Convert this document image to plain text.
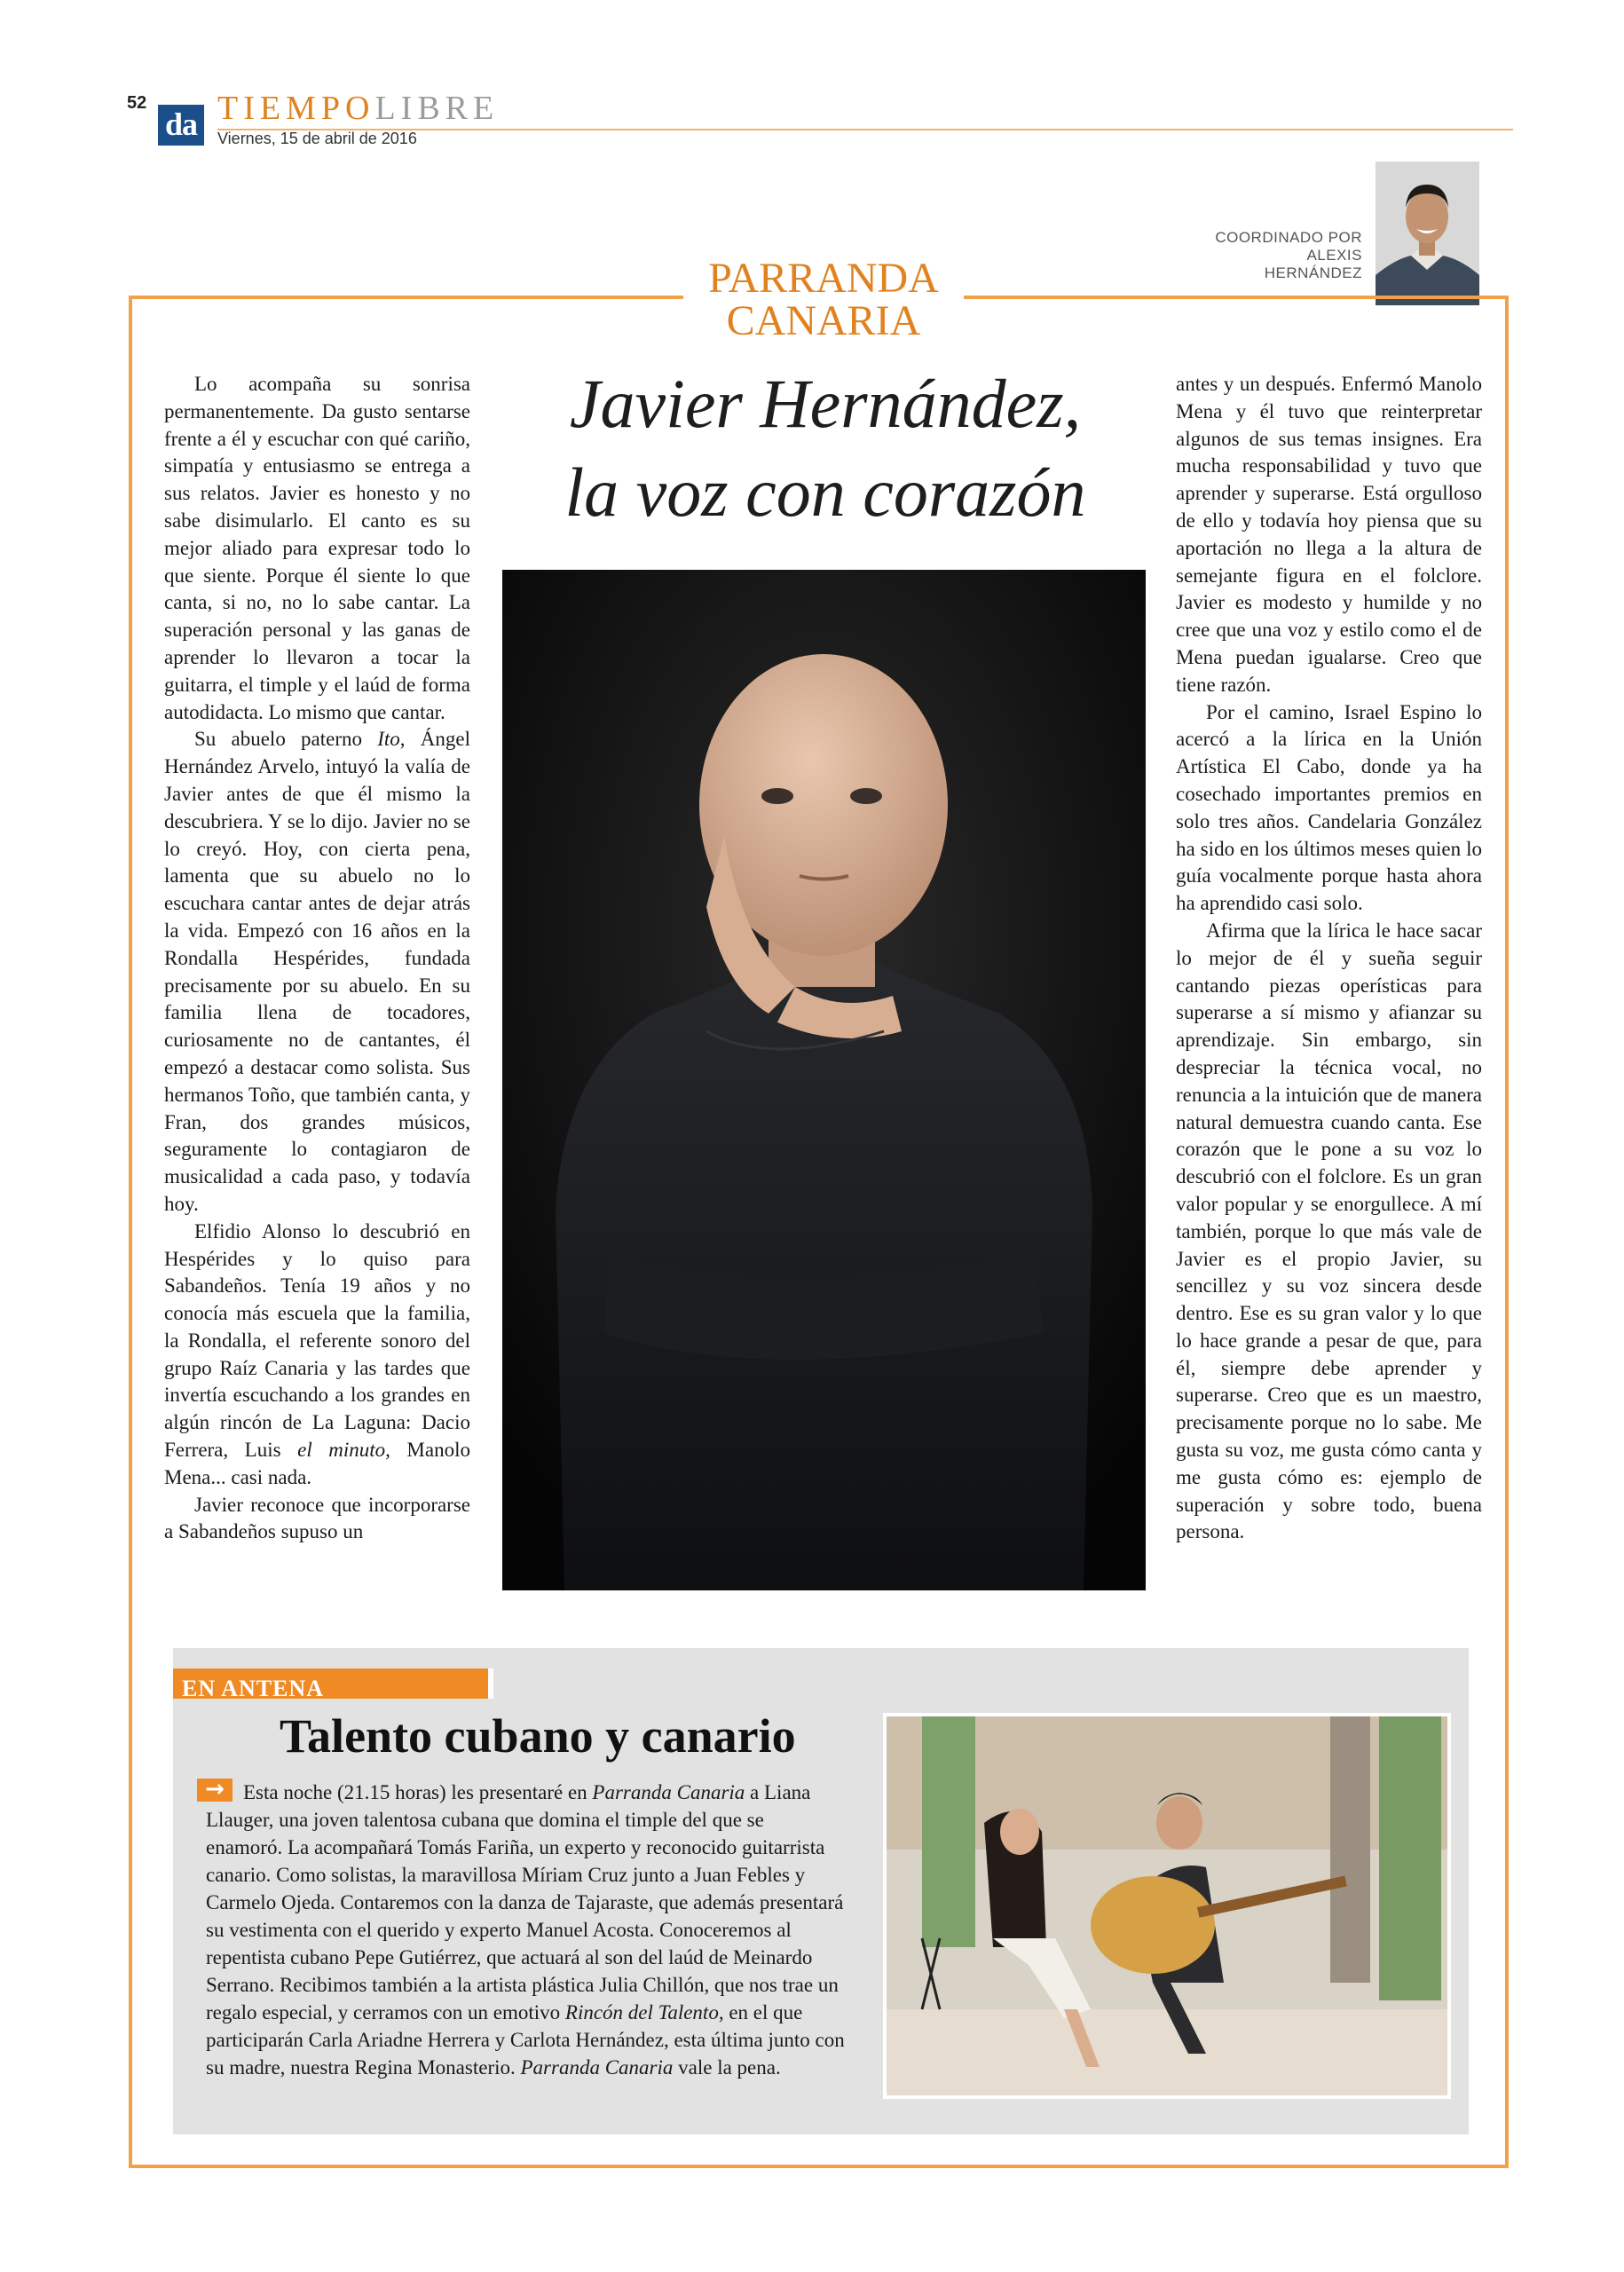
52
da TIEMPOLIBRE
Viernes, 15 de abril de 2016
COORDINADO POR
ALEXIS
HERNÁNDEZ
PARRANDA
CANARIA

Lo acompaña su sonrisa permanentemente. Da gusto sentarse frente a él y escuchar con qué cariño, simpatía y entusiasmo se entrega a sus relatos. Javier es honesto y no sabe disimularlo. El canto es su mejor aliado para expresar todo lo que siente. Porque él siente lo que canta, si no, no lo sabe cantar. La superación personal y las ganas de aprender lo llevaron a tocar la guitarra, el timple y el laúd de forma autodidacta. Lo mismo que cantar.

Su abuelo paterno Ito, Ángel Hernández Arvelo, intuyó la valía de Javier antes de que él mismo la descubriera. Y se lo dijo. Javier no se lo creyó. Hoy, con cierta pena, lamenta que su abuelo no lo escuchara cantar antes de dejar atrás la vida. Empezó con 16 años en la Rondalla Hespérides, fundada precisamente por su abuelo. En su familia llena de tocadores, curiosamente no de cantantes, él empezó a destacar como solista. Sus hermanos Toño, que también canta, y Fran, dos grandes músicos, seguramente lo contagiaron de musicalidad a cada paso, y todavía hoy.

Elfidio Alonso lo descubrió en Hespérides y lo quiso para Sabandeños. Tenía 19 años y no conocía más escuela que la familia, la Rondalla, el referente sonoro del grupo Raíz Canaria y las tardes que invertía escuchando a los grandes en algún rincón de La Laguna: Dacio Ferrera, Luis el minuto, Manolo Mena... casi nada.

Javier reconoce que incorporarse a Sabandeños supuso un

Javier Hernández,
la voz con corazón

antes y un después. Enfermó Manolo Mena y él tuvo que reinterpretar algunos de sus temas insignes. Era mucha responsabilidad y tuvo que aprender y superarse. Está orgulloso de ello y todavía hoy piensa que su aportación no llega a la altura de semejante figura en el folclore. Javier es modesto y humilde y no cree que una voz y estilo como el de Mena puedan igualarse. Creo que tiene razón.

Por el camino, Israel Espino lo acercó a la lírica en la Unión Artística El Cabo, donde ya ha cosechado importantes premios en solo tres años. Candelaria González ha sido en los últimos meses quien lo guía vocalmente porque hasta ahora ha aprendido casi solo.

Afirma que la lírica le hace sacar lo mejor de él y sueña seguir cantando piezas operísticas para superarse a sí mismo y afianzar su aprendizaje. Sin embargo, sin despreciar la técnica vocal, no renuncia a la intuición que de manera natural demuestra cuando canta. Ese corazón que le pone a su voz lo descubrió con el folclore. Es un gran valor popular y se enorgullece. A mí también, porque lo que más vale de Javier es el propio Javier, su sencillez y su voz sincera desde dentro. Ese es su gran valor y lo que lo hace grande a pesar de que, para él, siempre debe aprender y superarse. Creo que es un maestro, precisamente porque no lo sabe. Me gusta su voz, me gusta cómo canta y me gusta cómo es: ejemplo de superación y sobre todo, buena persona.

EN ANTENA
Talento cubano y canario
→ Esta noche (21.15 horas) les presentaré en Parranda Canaria a Liana Llauger, una joven talentosa cubana que domina el timple del que se enamoró. La acompañará Tomás Fariña, un experto y reconocido guitarrista canario. Como solistas, la maravillosa Míriam Cruz junto a Juan Febles y Carmelo Ojeda. Contaremos con la danza de Tajaraste, que además presentará su vestimenta con el querido y experto Manuel Acosta. Conoceremos al repentista cubano Pepe Gutiérrez, que actuará al son del laúd de Meinardo Serrano. Recibimos también a la artista plástica Julia Chillón, que nos trae un regalo especial, y cerramos con un emotivo Rincón del Talento, en el que participarán Carla Ariadne Herrera y Carlota Hernández, esta última junto con su madre, nuestra Regina Monasterio. Parranda Canaria vale la pena.
